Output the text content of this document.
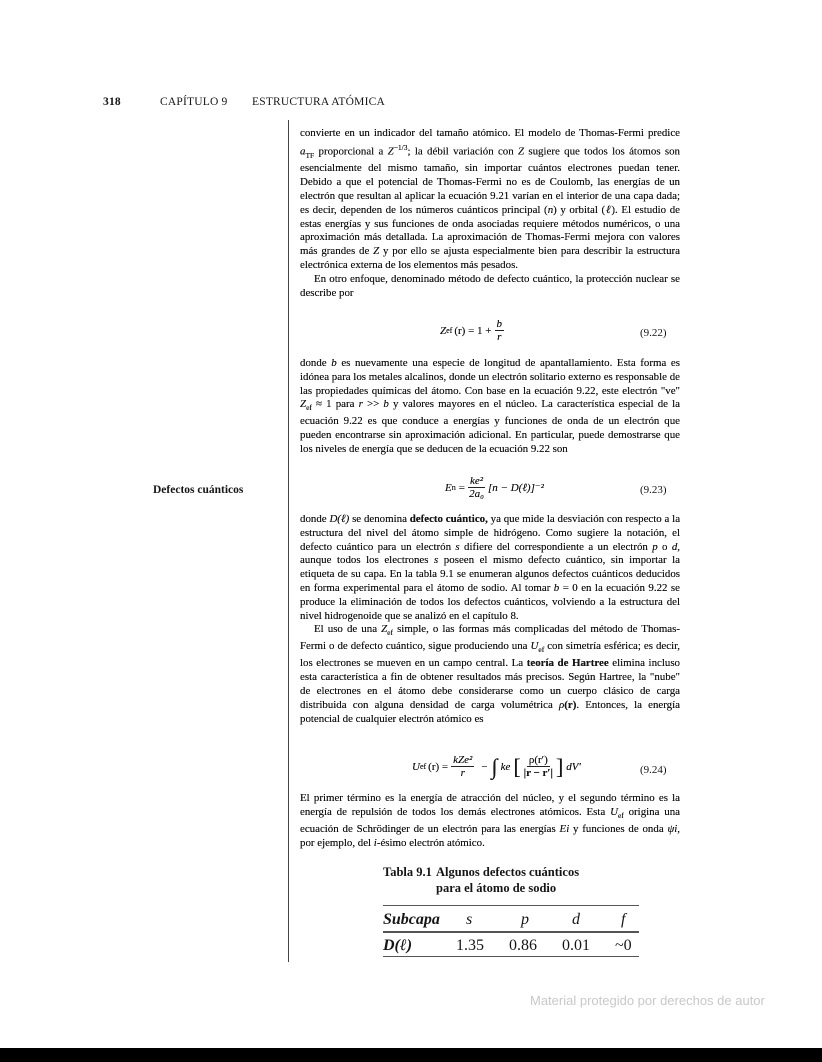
318	CAPÍTULO 9 ESTRUCTURA ATÓMICA
Defectos cuánticos

convierte en un indicador del tamaño atómico. El modelo de Thomas-Fermi predice $a_{TF}$ proporcional a $Z^{-1/3}$; la débil variación con Z sugiere que todos los átomos son esencialmente del mismo tamaño, sin importar cuántos electrones puedan tener. Debido a que el potencial de Thomas-Fermi no es de Coulomb, las energías de un electrón que resultan al aplicar la ecuación 9.21 varían en el interior de una capa dada; es decir, dependen de los números cuánticos principal (n) y orbital (ℓ). El estudio de estas energías y sus funciones de onda asociadas requiere métodos numéricos, o una aproximación más detallada. La aproximación de Thomas-Fermi mejora con valores más grandes de Z y por ello se ajusta especialmente bien para describir la estructura electrónica externa de los elementos más pesados.

En otro enfoque, denominado método de defecto cuántico, la protección nuclear se describe por

Z ef $(r) = 1 + \frac{b}{r}$	(9.22)

donde b es nuevamente una especie de longitud de apantallamiento. Esta forma es idónea para los metales alcalinos, donde un electrón solitario externo es responsable de las propiedades químicas del átomo. Con base en la ecuación 9.22, este electrón "ve" $Z_{ef} \approx 1$ para r >> b y valores mayores en el núcleo. La característica especial de la ecuación 9.22 es que conduce a energías y funciones de onda de un electrón que pueden encontrarse sin aproximación adicional. En particular, puede demostrarse que los niveles de energía que se deducen de la ecuación 9.22 son

E $n = \frac{\text{ke²}}{\text{2a₀}} [n$ − D(ℓ)]⁻²	(9.23)

donde D(ℓ) se denomina defecto cuántico, ya que mide la desviación con respecto a la estructura del nivel del átomo simple de hidrógeno. Como sugiere la notación, el defecto cuántico para un electrón s difiere del correspondiente a un electrón p o d, aunque todos los electrones s poseen el mismo defecto cuántico, sin importar la etiqueta de su capa. En la tabla 9.1 se enumeran algunos defectos cuánticos deducidos en forma experimental para el átomo de sodio. Al tomar b = 0 en la ecuación 9.22 se produce la eliminación de todos los defectos cuánticos, volviendo a la estructura del nivel hidrogenoide que se analizó en el capítulo 8.

El uso de una $Z_{ef}$ simple, o las formas más complicadas del método de Thomas-Fermi o de defecto cuántico, sigue produciendo una $U_{ef}$ con simetría esférica; es decir, los electrones se mueven en un campo central. La teoría de Hartree elimina incluso esta característica a fin de obtener resultados más precisos. Según Hartree, la "nube" de electrones en el átomo debe considerarse como un cuerpo clásico de carga distribuida con alguna densidad de carga volumétrica ρ(r). Entonces, la energía potencial de cualquier electrón atómico es

U ef $(r) = \frac{\text{kZe²}}{r}$ − ∫ ke [ $\frac{\rho(r')}{|r - r'|}$ ] dV′	(9.24)

El primer término es la energía de atracción del núcleo, y el segundo término es la energía de repulsión de todos los demás electrones atómicos. Esta $U_{ef}$ origina una ecuación de Schrödinger de un electrón para las energías Ei y funciones de onda ψi, por ejemplo, del i-ésimo electrón atómico.

Tabla 9.1 Algunos defectos cuánticos
para el átomo de sodio
Subcapa s	p	d	f
D(ℓ)	1.35 0.86 0.01 ~0
Material protegido por derechos de autor
